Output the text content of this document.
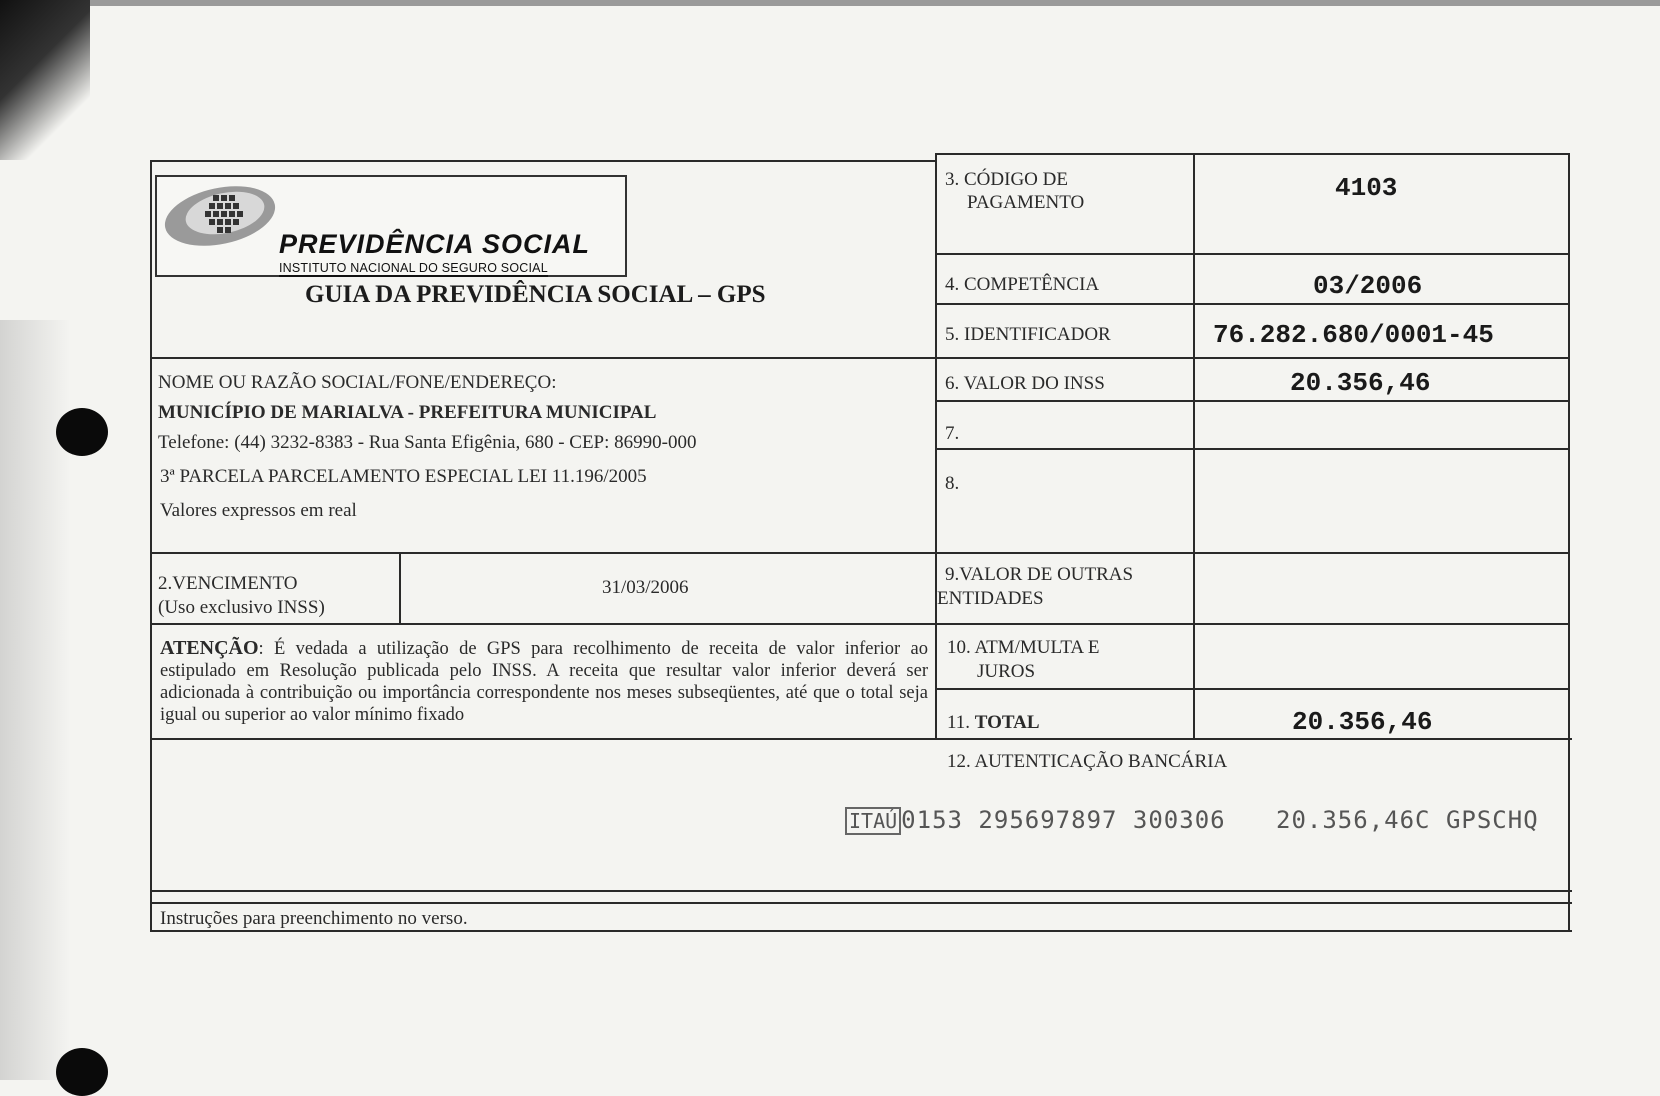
PREVIDÊNCIA SOCIAL
INSTITUTO NACIONAL DO SEGURO SOCIAL
GUIA DA PREVIDÊNCIA SOCIAL – GPS
3. CÓDIGO DE
PAGAMENTO	4103
4. COMPETÊNCIA	03/2006
5. IDENTIFICADOR	76.282.680/0001-45
6. VALOR DO INSS	20.356,46
7.
8.
9.VALOR DE OUTRAS
ENTIDADES
10. ATM/MULTA E
JUROS
11. TOTAL	20.356,46
12. AUTENTICAÇÃO BANCÁRIA
NOME OU RAZÃO SOCIAL/FONE/ENDEREÇO:
MUNICÍPIO DE MARIALVA - PREFEITURA MUNICIPAL
Telefone: (44) 3232-8383 - Rua Santa Efigênia, 680 - CEP: 86990-000
3ª PARCELA PARCELAMENTO ESPECIAL LEI 11.196/2005
Valores expressos em real
2.VENCIMENTO
(Uso exclusivo INSS)
31/03/2006
ATENÇÃO: É vedada a utilização de GPS para recolhimento de receita de valor inferior ao estipulado em Resolução publicada pelo INSS. A receita que resultar valor inferior deverá ser adicionada à contribuição ou importância correspondente nos meses subseqüentes, até que o total seja igual ou superior ao valor mínimo fixado
ITAÚ 0153 295697897 300306 20.356,46C GPSCHQ
Instruções para preenchimento no verso.
